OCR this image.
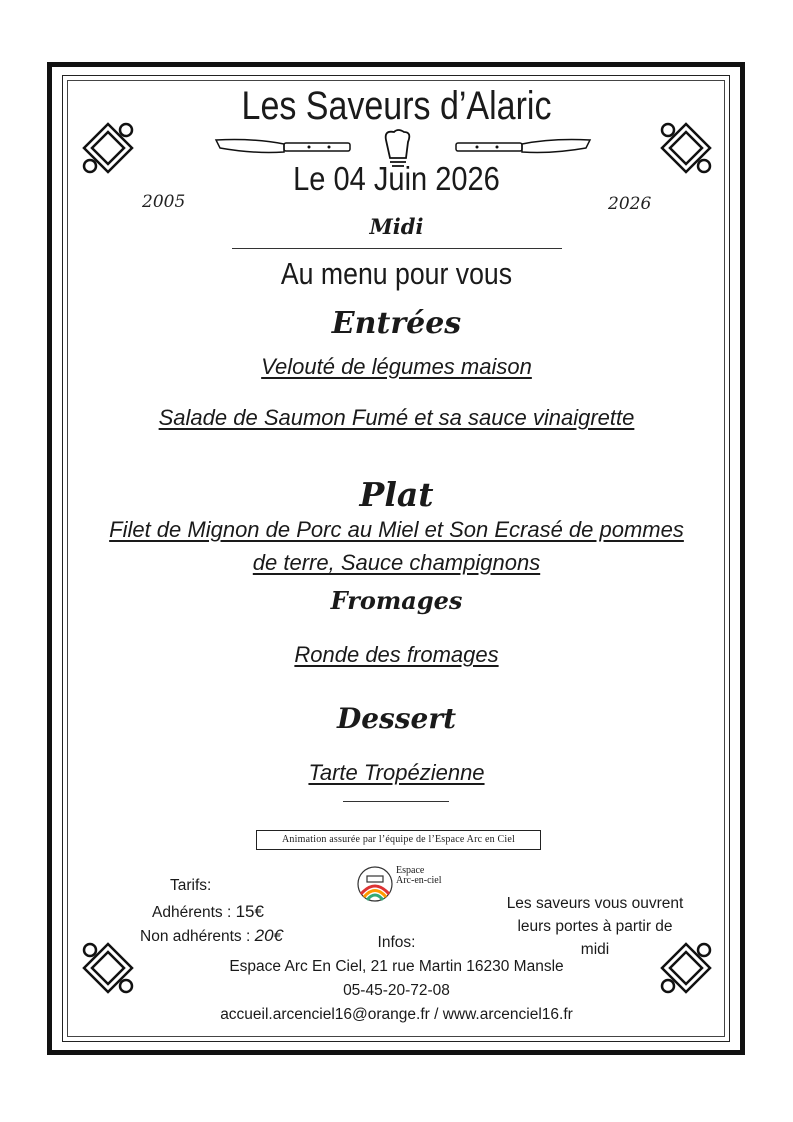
Les Saveurs d’Alaric
Le 04 Juin 2026
2005	2026
Midi
Au menu pour vous
Entrées
Velouté de légumes maison
Salade de Saumon Fumé et sa sauce vinaigrette
Plat
Filet de Mignon de Porc au Miel et Son Ecrasé de pommes
de terre, Sauce champignons
Fromages
Ronde des fromages
Dessert
Tarte Tropézienne
Animation assurée par l’équipe de l’Espace Arc en Ciel
Espace
Arc-en-ciel
Tarifs:
Adhérents : 15€
Non adhérents : 20€
Les saveurs vous ouvrent
leurs portes à partir de midi
Infos:
Espace Arc En Ciel, 21 rue Martin 16230 Mansle
05-45-20-72-08
accueil.arcenciel16@orange.fr / www.arcenciel16.fr
